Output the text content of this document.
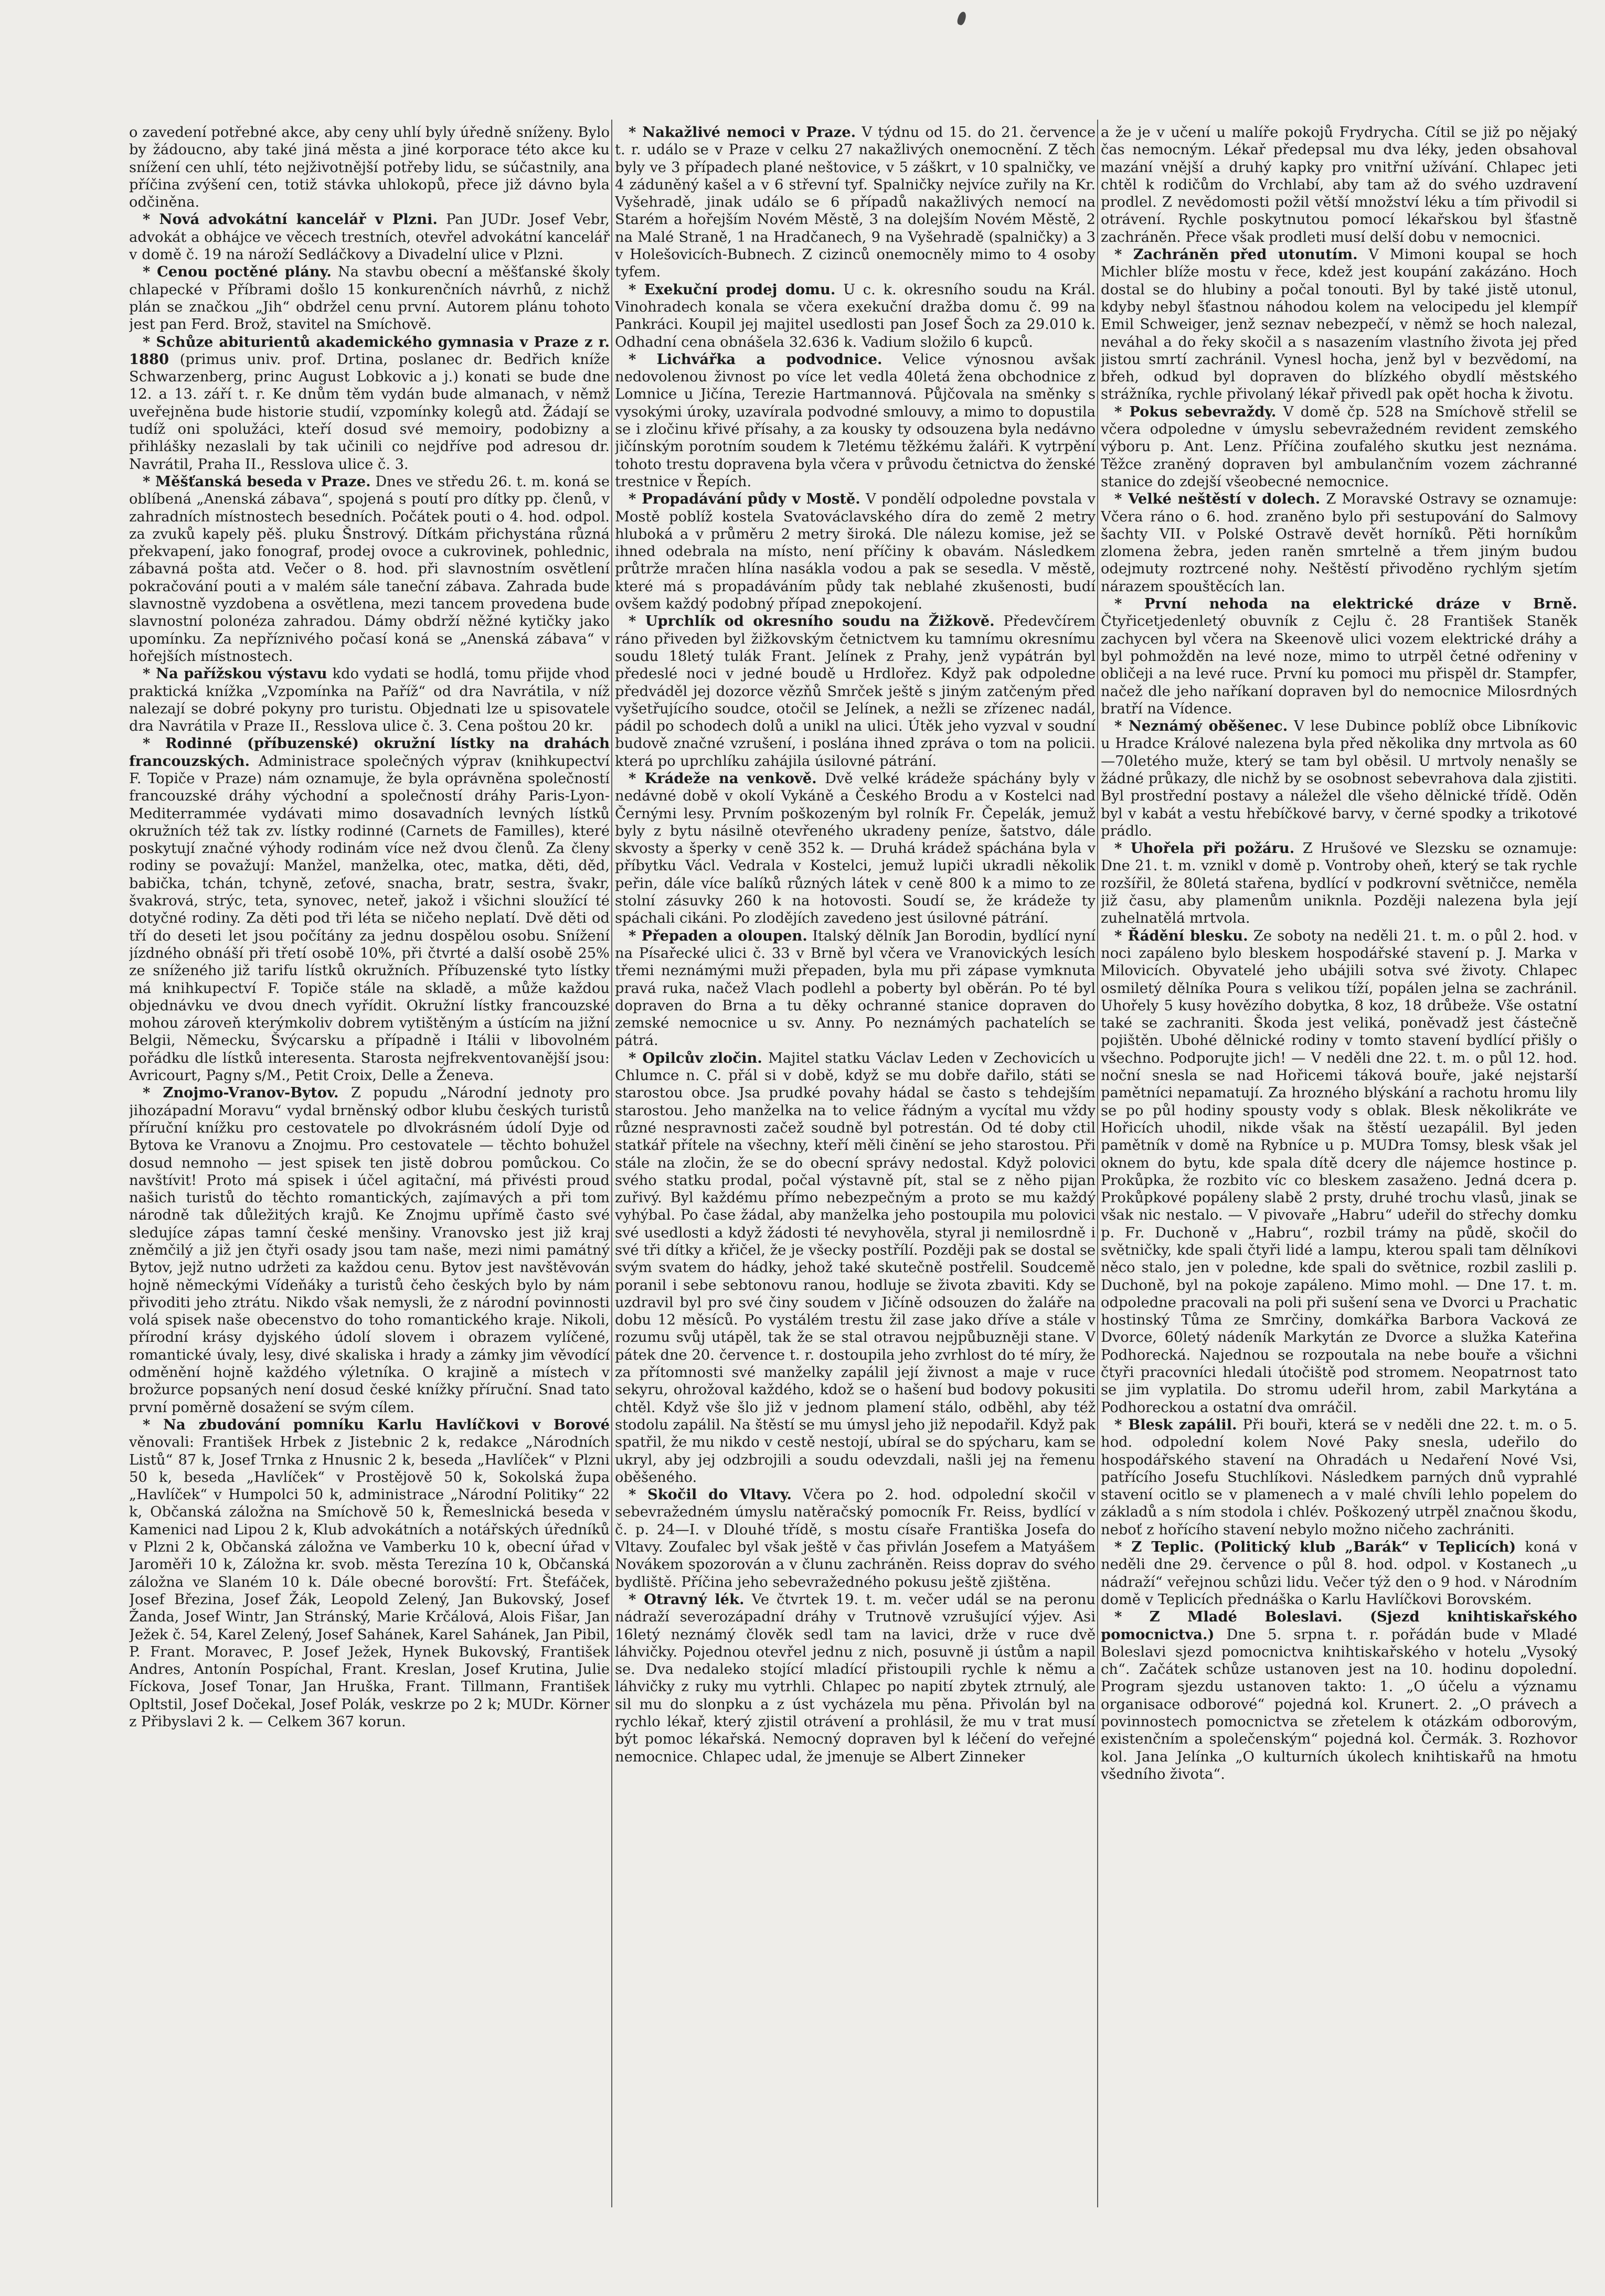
o zavedení potřebné akce, aby ceny uhlí byly úředně sníženy. Bylo by žádoucno, aby také jiná města a jiné korporace této akce ku snížení cen uhlí, této nejživotnější potřeby lidu, se súčastnily, ana příčina zvýšení cen, totiž stávka uhlokopů, přece již dávno byla odčiněna.

* Nová advokátní kancelář v Plzni. Pan JUDr. Josef Vebr, advokát a obhájce ve věcech trestních, otevřel advokátní kancelář v domě č. 19 na nároží Sedláčkovy a Divadelní ulice v Plzni.

* Cenou poctěné plány. Na stavbu obecní a měšťanské školy chlapecké v Příbrami došlo 15 konkurenčních návrhů, z nichž plán se značkou „Jih“ obdržel cenu první. Autorem plánu tohoto jest pan Ferd. Brož, stavitel na Smíchově.

* Schůze abiturientů akademického gymnasia v Praze z r. 1880 (primus univ. prof. Drtina, poslanec dr. Bedřich kníže Schwarzenberg, princ August Lobkovic a j.) konati se bude dne 12. a 13. září t. r. Ke dnům těm vydán bude almanach, v němž uveřejněna bude historie studií, vzpomínky kolegů atd. Žádají se tudíž oni spolužáci, kteří dosud své memoiry, podobizny a přihlášky nezaslali by tak učinili co nejdříve pod adresou dr. Navrátil, Praha II., Resslova ulice č. 3.

* Měšťanská beseda v Praze. Dnes ve středu 26. t. m. koná se oblíbená „Anenská zábava“, spojená s poutí pro dítky pp. členů, v zahradních místnostech besedních. Počátek pouti o 4. hod. odpol. za zvuků kapely pěš. pluku Šnstrový. Dítkám přichystána různá překvapení, jako fonograf, prodej ovoce a cukrovinek, pohlednic, zábavná pošta atd. Večer o 8. hod. při slavnostním osvětlení pokračování pouti a v malém sále taneční zábava. Zahrada bude slavnostně vyzdobena a osvětlena, mezi tancem provedena bude slavnostní polonéza zahradou. Dámy obdrží něžné kytičky jako upomínku. Za nepříznivého počasí koná se „Anenská zábava“ v hořejších místnostech.

* Na pařížskou výstavu kdo vydati se hodlá, tomu přijde vhod praktická knížka „Vzpomínka na Paříž“ od dra Navrátila, v níž nalezají se dobré pokyny pro turistu. Objednati lze u spisovatele dra Navrátila v Praze II., Resslova ulice č. 3. Cena poštou 20 kr.

* Rodinné (příbuzenské) okružní lístky na drahách francouzských. Administrace společných výprav (knihkupectví F. Topiče v Praze) nám oznamuje, že byla oprávněna společností francouzské dráhy východní a společností dráhy Paris-Lyon-Mediterrammée vydávati mimo dosavadních levných lístků okružních též tak zv. lístky rodinné (Carnets de Familles), které poskytují značné výhody rodinám více než dvou členů. Za členy rodiny se považují: Manžel, manželka, otec, matka, děti, děd, babička, tchán, tchyně, zeťové, snacha, bratr, sestra, švakr, švakrová, strýc, teta, synovec, neteř, jakož i všichni sloužící té dotyčné rodiny. Za děti pod tři léta se ničeho neplatí. Dvě děti od tří do deseti let jsou počítány za jednu dospělou osobu. Snížení jízdného obnáší při třetí osobě 10%, při čtvrté a další osobě 25% ze sníženého již tarifu lístků okružních. Příbuzenské tyto lístky má knihkupectví F. Topiče stále na skladě, a může každou objednávku ve dvou dnech vyřídit. Okružní lístky francouzské mohou zároveň kterýmkoliv dobrem vytištěným a ústícím na jižní Belgii, Německu, Švýcarsku a případně i Itálii v libovolném pořádku dle lístků interesenta. Starosta nejfrekventovanější jsou: Avricourt, Pagny s/M., Petit Croix, Delle a Ženeva.

* Znojmo-Vranov-Bytov. Z popudu „Národní jednoty pro jihozápadní Moravu“ vydal brněnský odbor klubu českých turistů příruční knížku pro cestovatele po dlvokrásném údolí Dyje od Bytova ke Vranovu a Znojmu. Pro cestovatele — těchto bohužel dosud nemnoho — jest spisek ten jistě dobrou pomůckou. Co navštívit! Proto má spisek i účel agitační, má přivésti proud našich turistů do těchto romantických, zajímavých a při tom národně tak důležitých krajů. Ke Znojmu upřímě často své sledujíce zápas tamní české menšiny. Vranovsko jest již kraj zněmčilý a již jen čtyři osady jsou tam naše, mezi nimi památný Bytov, jejž nutno udržeti za každou cenu. Bytov jest navštěvován hojně německými Vídeňáky a turistů čeho českých bylo by nám přivoditi jeho ztrátu. Nikdo však nemysli, že z národní povinnosti volá spisek naše obecenstvo do toho romantického kraje. Nikoli, přírodní krásy dyjského údolí slovem i obrazem vylíčené, romantické úvaly, lesy, divé skaliska i hrady a zámky jim věvodící odměnění hojně každého výletníka. O krajině a místech v brožurce popsaných není dosud české knížky příruční. Snad tato první poměrně dosažení se svým cílem.

* Na zbudování pomníku Karlu Havlíčkovi v Borové věnovali: František Hrbek z Jistebnic 2 k, redakce „Národních Listů“ 87 k, Josef Trnka z Hnusnic 2 k, beseda „Havlíček“ v Plzni 50 k, beseda „Havlíček“ v Prostějově 50 k, Sokolská župa „Havlíček“ v Humpolci 50 k, administrace „Národní Politiky“ 22 k, Občanská záložna na Smíchově 50 k, Řemeslnická beseda v Kamenici nad Lipou 2 k, Klub advokátních a notářských úředníků v Plzni 2 k, Občanská záložna ve Vamberku 10 k, obecní úřad v Jaroměři 10 k, Záložna kr. svob. města Terezína 10 k, Občanská záložna ve Slaném 10 k. Dále obecné borovští: Frt. Štefáček, Josef Březina, Josef Žák, Leopold Zelený, Jan Bukovský, Josef Žanda, Josef Wintr, Jan Stránský, Marie Krčálová, Alois Fišar, Jan Ježek č. 54, Karel Zelený, Josef Sahánek, Karel Sahánek, Jan Pibil, P. Frant. Moravec, P. Josef Ježek, Hynek Bukovský, František Andres, Antonín Pospíchal, Frant. Kreslan, Josef Krutina, Julie Fíckova, Josef Tonar, Jan Hruška, Frant. Tillmann, František Opltstil, Josef Dočekal, Josef Polák, veskrze po 2 k; MUDr. Körner z Přibyslavi 2 k. — Celkem 367 korun.

* Nakažlivé nemoci v Praze. V týdnu od 15. do 21. července t. r. událo se v Praze v celku 27 nakažlivých onemocnění. Z těch byly ve 3 případech plané neštovice, v 5 záškrt, v 10 spalničky, ve 4 záduněný kašel a v 6 střevní tyf. Spalničky nejvíce zuřily na Kr. Vyšehradě, jinak událo se 6 případů nakažlivých nemocí na Starém a hořejším Novém Městě, 3 na dolejším Novém Městě, 2 na Malé Straně, 1 na Hradčanech, 9 na Vyšehradě (spalničky) a 3 v Holešovicích-Bubnech. Z cizinců onemocněly mimo to 4 osoby tyfem.

* Exekuční prodej domu. U c. k. okresního soudu na Král. Vinohradech konala se včera exekuční dražba domu č. 99 na Pankráci. Koupil jej majitel usedlosti pan Josef Šoch za 29.010 k. Odhadní cena obnášela 32.636 k. Vadium složilo 6 kupců.

* Lichvářka a podvodnice. Velice výnosnou avšak nedovolenou živnost po více let vedla 40letá žena obchodnice z Lomnice u Jičína, Terezie Hartmannová. Půjčovala na směnky s vysokými úroky, uzavírala podvodné smlouvy, a mimo to dopustila se i zločinu křivé přísahy, a za kousky ty odsouzena byla nedávno jičínským porotním soudem k 7letému těžkému žaláři. K vytrpění tohoto trestu dopravena byla včera v průvodu četnictva do ženské trestnice v Řepích.

* Propadávání půdy v Mostě. V pondělí odpoledne povstala v Mostě poblíž kostela Svatováclavského díra do země 2 metry hluboká a v průměru 2 metry široká. Dle nálezu komise, jež se ihned odebrala na místo, není příčiny k obavám. Následkem průtrže mračen hlína nasákla vodou a pak se sesedla. V městě, které má s propadáváním půdy tak neblahé zkušenosti, budí ovšem každý podobný případ znepokojení.

* Uprchlík od okresního soudu na Žižkově. Předevčírem ráno přiveden byl žižkovským četnictvem ku tamnímu okresnímu soudu 18letý tulák Frant. Jelínek z Prahy, jenž vypátrán byl předeslé noci v jedné boudě u Hrdlořez. Když pak odpoledne předváděl jej dozorce vězňů Smrček ještě s jiným zatčeným před vyšetřujícího soudce, otočil se Jelínek, a nežli se zřízenec nadál, pádil po schodech dolů a unikl na ulici. Útěk jeho vyzval v soudní budově značné vzrušení, i poslána ihned zpráva o tom na policii. která po uprchlíku zahájila úsilovné pátrání.

* Krádeže na venkově. Dvě velké krádeže spáchány byly v nedávné době v okolí Vykáně a Českého Brodu a v Kostelci nad Černými lesy. Prvním poškozeným byl rolník Fr. Čepelák, jemuž byly z bytu násilně otevřeného ukradeny peníze, šatstvo, dále skvosty a šperky v ceně 352 k. — Druhá krádež spáchána byla v příbytku Václ. Vedrala v Kostelci, jemuž lupiči ukradli několik peřin, dále více balíků různých látek v ceně 800 k a mimo to ze stolní zásuvky 260 k na hotovosti. Soudí se, že krádeže ty spáchali cikáni. Po zlodějích zavedeno jest úsilovné pátrání.

* Přepaden a oloupen. Italský dělník Jan Borodin, bydlící nyní na Písařecké ulici č. 33 v Brně byl včera ve Vranovických lesích třemi neznámými muži přepaden, byla mu při zápase vymknuta pravá ruka, načež Vlach podlehl a poberty byl oběrán. Po té byl dopraven do Brna a tu děky ochranné stanice dopraven do zemské nemocnice u sv. Anny. Po neznámých pachatelích se pátrá.

* Opilcův zločin. Majitel statku Václav Leden v Zechovicích u Chlumce n. C. přál si v době, když se mu dobře dařilo, státi se starostou obce. Jsa prudké povahy hádal se často s tehdejším starostou. Jeho manželka na to velice řádným a vycítal mu vždy různé nespravnosti začež soudně byl potrestán. Od té doby ctil statkář přítele na všechny, kteří měli činění se jeho starostou. Při stále na zločin, že se do obecní správy nedostal. Když polovici svého statku prodal, počal výstavně pít, stal se z něho pijan zuřivý. Byl každému přímo nebezpečným a proto se mu každý vyhýbal. Po čase žádal, aby manželka jeho postoupila mu polovici své usedlosti a když žádosti té nevyhověla, styral ji nemilosrdně i své tři dítky a křičel, že je všecky postřílí. Později pak se dostal se svým svatem do hádky, jehož také skutečně postřelil. Soudcemě poranil i sebe sebtonovu ranou, hodluje se života zbaviti. Kdy se uzdravil byl pro své činy soudem v Jičíně odsouzen do žaláře na dobu 12 měsíců. Po vystálém trestu žil zase jako dříve a stále v rozumu svůj utápěl, tak že se stal otravou nejpůbuzněji stane. V pátek dne 20. července t. r. dostoupila jeho zvrhlost do té míry, že za přítomnosti své manželky zapálil její živnost a maje v ruce sekyru, ohrožoval každého, kdož se o hašení bud bodovy pokusiti chtěl. Když vše šlo již v jednom plamení stálo, odběhl, aby též stodolu zapálil. Na štěstí se mu úmysl jeho již nepodařil. Když pak spatřil, že mu nikdo v cestě nestojí, ubíral se do spýcharu, kam se ukryl, aby jej odzbrojili a soudu odevzdali, našli jej na řemenu oběšeného.

* Skočil do Vltavy. Včera po 2. hod. odpolední skočil v sebevražedném úmyslu natěračský pomocník Fr. Reiss, bydlící v č. p. 24—I. v Dlouhé třídě, s mostu císaře Františka Josefa do Vltavy. Zoufalec byl však ještě v čas přivlán Josefem a Matyášem Novákem spozorován a v člunu zachráněn. Reiss doprav do svého bydliště. Příčina jeho sebevražedného pokusu ještě zjištěna.

* Otravný lék. Ve čtvrtek 19. t. m. večer udál se na peronu nádraží severozápadní dráhy v Trutnově vzrušující výjev. Asi 16letý neznámý člověk sedl tam na lavici, drže v ruce dvě láhvičky. Pojednou otevřel jednu z nich, posuvně ji ústům a napil se. Dva nedaleko stojící mladící přistoupili rychle k němu a láhvičky z ruky mu vytrhli. Chlapec po napití zbytek ztrnulý, ale sil mu do slonpku a z úst vycházela mu pěna. Přivolán byl na rychlo lékař, který zjistil otrávení a prohlásil, že mu v trat musí být pomoc lékařská. Nemocný dopraven byl k léčení do veřejné nemocnice. Chlapec udal, že jmenuje se Albert Zinneker

a že je v učení u malíře pokojů Frydrycha. Cítil se již po nějaký čas nemocným. Lékař předepsal mu dva léky, jeden obsahoval mazání vnější a druhý kapky pro vnitřní užívání. Chlapec jeti chtěl k rodičům do Vrchlabí, aby tam až do svého uzdravení prodlel. Z nevědomosti požil větší množství léku a tím přivodil si otrávení. Rychle poskytnutou pomocí lékařskou byl šťastně zachráněn. Přece však prodleti musí delší dobu v nemocnici.

* Zachráněn před utonutím. V Mimoni koupal se hoch Michler blíže mostu v řece, kdež jest koupání zakázáno. Hoch dostal se do hlubiny a počal tonouti. Byl by také jistě utonul, kdyby nebyl šťastnou náhodou kolem na velocipedu jel klempíř Emil Schweiger, jenž seznav nebezpečí, v němž se hoch nalezal, neváhal a do řeky skočil a s nasazením vlastního života jej před jistou smrtí zachránil. Vynesl hocha, jenž byl v bezvědomí, na břeh, odkud byl dopraven do blízkého obydlí městského strážníka, rychle přivolaný lékař přivedl pak opět hocha k životu.

* Pokus sebevraždy. V domě čp. 528 na Smíchově střelil se včera odpoledne v úmyslu sebevražedném revident zemského výboru p. Ant. Lenz. Příčina zoufalého skutku jest neznáma. Těžce zraněný dopraven byl ambulančním vozem záchranné stanice do zdejší všeobecné nemocnice.

* Velké neštěstí v dolech. Z Moravské Ostravy se oznamuje: Včera ráno o 6. hod. zraněno bylo při sestupování do Salmovy šachty VII. v Polské Ostravě devět horníků. Pěti horníkům zlomena žebra, jeden raněn smrtelně a třem jiným budou odejmuty roztrcené nohy. Neštěstí přivoděno rychlým sjetím nárazem spouštěcích lan.

* První nehoda na elektrické dráze v Brně. Čtyřicetjedenletý obuvník z Cejlu č. 28 František Staněk zachycen byl včera na Skeenově ulici vozem elektrické dráhy a byl pohmožděn na levé noze, mimo to utrpěl četné odřeniny v obličeji a na levé ruce. První ku pomoci mu přispěl dr. Stampfer, načež dle jeho naříkaní dopraven byl do nemocnice Milosrdných bratří na Vídence.

* Neznámý oběšenec. V lese Dubince poblíž obce Libníkovic u Hradce Králové nalezena byla před několika dny mrtvola as 60—70letého muže, který se tam byl oběsil. U mrtvoly nenašly se žádné průkazy, dle nichž by se osobnost sebevrahova dala zjistiti. Byl prostřední postavy a náležel dle všeho dělnické třídě. Oděn byl v kabát a vestu hřebíčkové barvy, v černé spodky a trikotové prádlo.

* Uhořela při požáru. Z Hrušové ve Slezsku se oznamuje: Dne 21. t. m. vznikl v domě p. Vontroby oheň, který se tak rychle rozšířil, že 80letá stařena, bydlící v podkrovní světničce, neměla již času, aby plamenům uniknla. Později nalezena byla její zuhelnatělá mrtvola.

* Řádění blesku. Ze soboty na neděli 21. t. m. o půl 2. hod. v noci zapáleno bylo bleskem hospodářské stavení p. J. Marka v Milovicích. Obyvatelé jeho ubájili sotva své životy. Chlapec osmiletý dělníka Poura s velikou tíží, popálen jelna se zachránil. Uhořely 5 kusy hovězího dobytka, 8 koz, 18 drůbeže. Vše ostatní také se zachraniti. Škoda jest veliká, poněvadž jest částečně pojištěn. Ubohé dělnické rodiny v tomto stavení bydlící přišly o všechno. Podporujte jich! — V neděli dne 22. t. m. o půl 12. hod. noční snesla se nad Hořicemi táková bouře, jaké nejstarší pamětníci nepamatují. Za hrozného blýskání a rachotu hromu lily se po půl hodiny spousty vody s oblak. Blesk několikráte ve Hořicích uhodil, nikde však na štěstí uezapálil. Byl jeden pamětník v domě na Rybníce u p. MUDra Tomsy, blesk však jel oknem do bytu, kde spala dítě dcery dle nájemce hostince p. Prokůpka, že rozbito víc co bleskem zasaženo. Jedná dcera p. Prokůpkové popáleny slabě 2 prsty, druhé trochu vlasů, jinak se však nic nestalo. — V pivovaře „Habru“ udeřil do střechy domku p. Fr. Duchoně v „Habru“, rozbil trámy na půdě, skočil do světničky, kde spali čtyři lidé a lampu, kterou spali tam dělníkovi něco stalo, jen v poledne, kde spali do světnice, rozbil zaslili p. Duchoně, byl na pokoje zapáleno. Mimo mohl. — Dne 17. t. m. odpoledne pracovali na poli při sušení sena ve Dvorci u Prachatic hostinský Tůma ze Smrčiny, domkářka Barbora Vacková ze Dvorce, 60letý nádeník Markytán ze Dvorce a služka Kateřina Podhorecká. Najednou se rozpoutala na nebe bouře a všichni čtyři pracovníci hledali útočiště pod stromem. Neopatrnost tato se jim vyplatila. Do stromu udeřil hrom, zabil Markytána a Podhoreckou a ostatní dva omráčil.

* Blesk zapálil. Při bouři, která se v neděli dne 22. t. m. o 5. hod. odpolední kolem Nové Paky snesla, udeřilo do hospodářského stavení na Ohradách u Nedaření Nové Vsi, patřícího Josefu Stuchlíkovi. Následkem parných dnů vyprahlé stavení ocitlo se v plamenech a v malé chvíli lehlo popelem do základů a s ním stodola i chlév. Poškozený utrpěl značnou škodu, neboť z hořícího stavení nebylo možno ničeho zachrániti.

* Z Teplic. (Politický klub „Barák“ v Teplicích) koná v neděli dne 29. července o půl 8. hod. odpol. v Kostanech „u nádraží“ veřejnou schůzi lidu. Večer týž den o 9 hod. v Národním domě v Teplicích přednáška o Karlu Havlíčkovi Borovském.

* Z Mladé Boleslavi. (Sjezd knihtiskařského pomocnictva.) Dne 5. srpna t. r. pořádán bude v Mladé Boleslavi sjezd pomocnictva knihtiskařského v hotelu „Vysoký ch“. Začátek schůze ustanoven jest na 10. hodinu dopolední. Program sjezdu ustanoven takto: 1. „O účelu a významu organisace odborové“ pojedná kol. Krunert. 2. „O právech a povinnostech pomocnictva se zřetelem k otázkám odborovým, existenčním a společenským“ pojedná kol. Čermák. 3. Rozhovor kol. Jana Jelínka „O kulturních úkolech knihtiskařů na hmotu všedního života“.
